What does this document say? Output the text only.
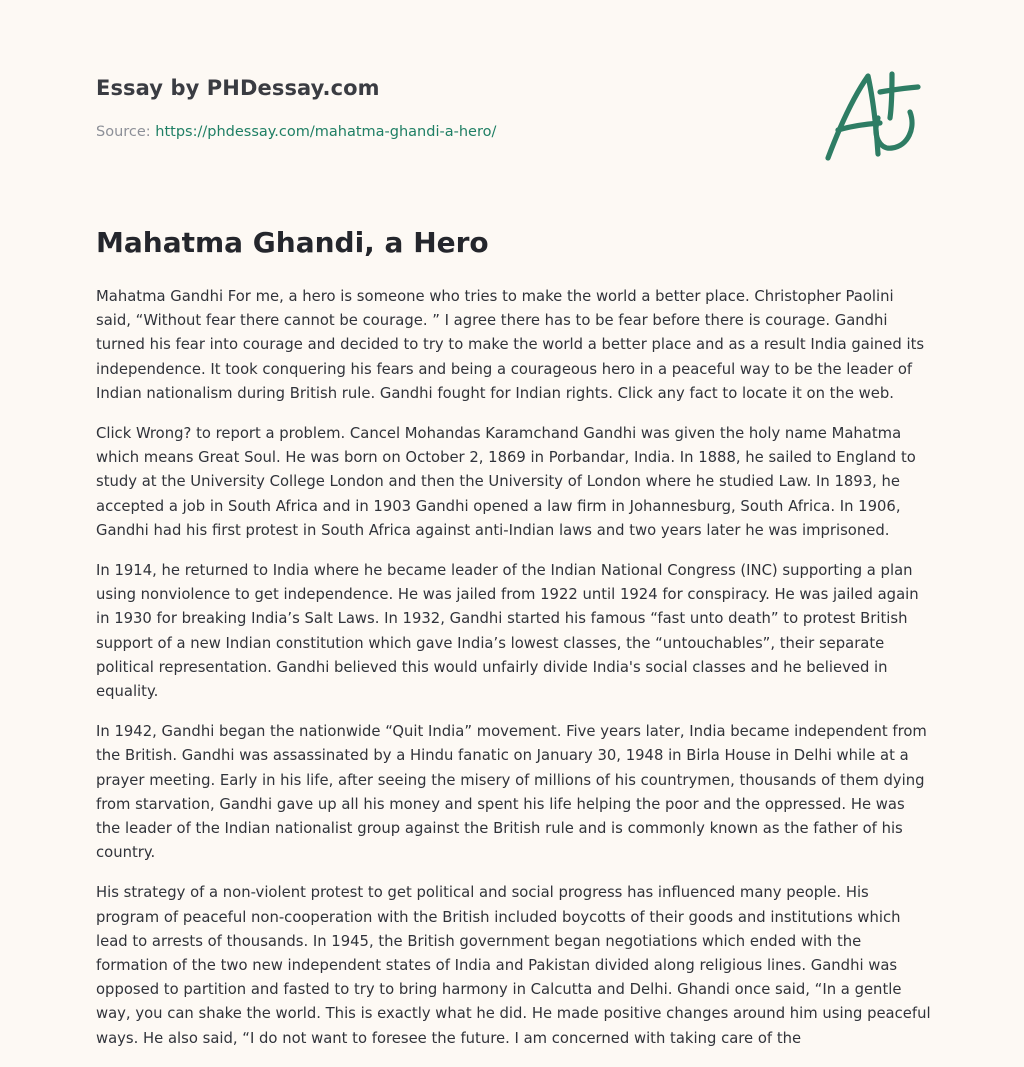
Essay by PHDessay.com
Source: https://phdessay.com/mahatma-ghandi-a-hero/
Mahatma Ghandi, a Hero

Mahatma Gandhi For me, a hero is someone who tries to make the world a better place. Christopher Paolini said, “Without fear there cannot be courage. ” I agree there has to be fear before there is courage. Gandhi turned his fear into courage and decided to try to make the world a better place and as a result India gained its independence. It took conquering his fears and being a courageous hero in a peaceful way to be the leader of Indian nationalism during British rule. Gandhi fought for Indian rights. Click any fact to locate it on the web.

Click Wrong? to report a problem. Cancel Mohandas Karamchand Gandhi was given the holy name Mahatma which means Great Soul. He was born on October 2, 1869 in Porbandar, India. In 1888, he sailed to England to study at the University College London and then the University of London where he studied Law. In 1893, he accepted a job in South Africa and in 1903 Gandhi opened a law firm in Johannesburg, South Africa. In 1906, Gandhi had his first protest in South Africa against anti-Indian laws and two years later he was imprisoned.

In 1914, he returned to India where he became leader of the Indian National Congress (INC) supporting a plan using nonviolence to get independence. He was jailed from 1922 until 1924 for conspiracy. He was jailed again in 1930 for breaking India’s Salt Laws. In 1932, Gandhi started his famous “fast unto death” to protest British support of a new Indian constitution which gave India’s lowest classes, the “untouchables”, their separate political representation. Gandhi believed this would unfairly divide India's social classes and he believed in equality.

In 1942, Gandhi began the nationwide “Quit India” movement. Five years later, India became independent from the British. Gandhi was assassinated by a Hindu fanatic on January 30, 1948 in Birla House in Delhi while at a prayer meeting. Early in his life, after seeing the misery of millions of his countrymen, thousands of them dying from starvation, Gandhi gave up all his money and spent his life helping the poor and the oppressed. He was the leader of the Indian nationalist group against the British rule and is commonly known as the father of his country.

His strategy of a non-violent protest to get political and social progress has influenced many people. His program of peaceful non-cooperation with the British included boycotts of their goods and institutions which lead to arrests of thousands. In 1945, the British government began negotiations which ended with the formation of the two new independent states of India and Pakistan divided along religious lines. Gandhi was opposed to partition and fasted to try to bring harmony in Calcutta and Delhi. Ghandi once said, “In a gentle way, you can shake the world. This is exactly what he did. He made positive changes around him using peaceful ways. He also said, “I do not want to foresee the future. I am concerned with taking care of the
